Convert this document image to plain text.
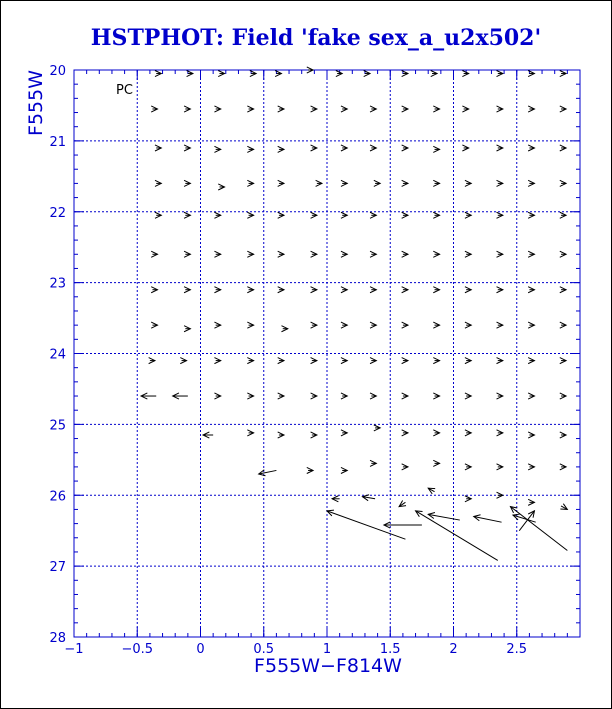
HSTPHOT: Field 'fake sex_a_u2x502'
−1	−0.5	0	0.5	1	1.5	2	2.5
20
21
22
23
24
25
26
27
28
PC
F555W−F814W
F555W
